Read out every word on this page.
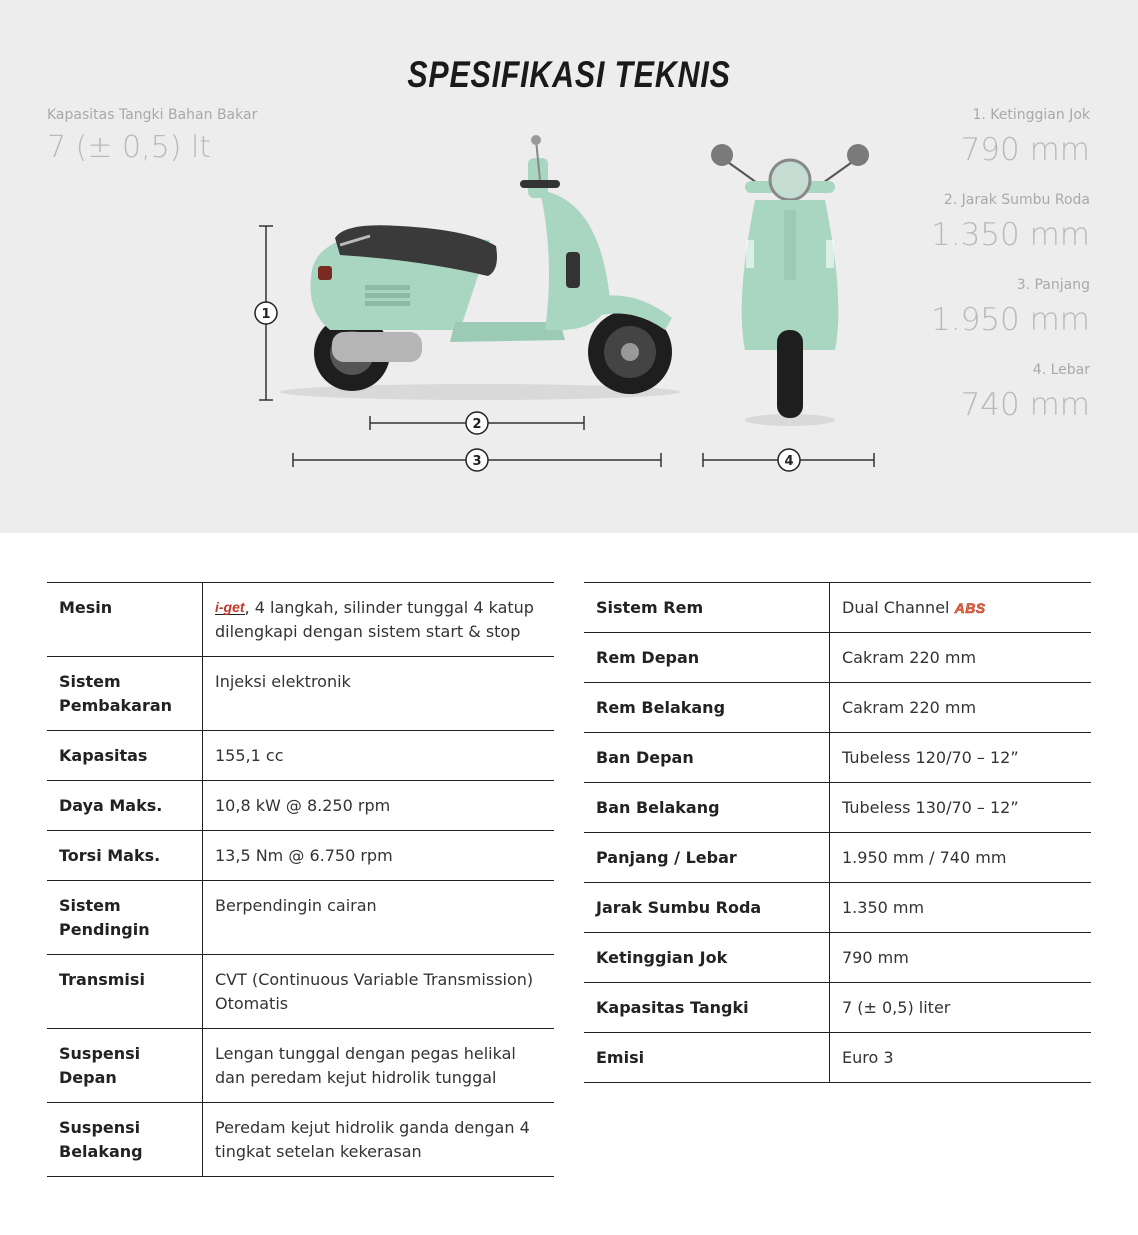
SPESIFIKASI TEKNIS
Kapasitas Tangki Bahan Bakar
7 (± 0,5) lt
1. Ketinggian Jok
790 mm
2. Jarak Sumbu Roda
1.350 mm
3. Panjang
1.950 mm
4. Lebar
740 mm
1
2
3	4
Mesin	i-get, 4 langkah, silinder tunggal 4 katup dilengkapi dengan sistem start & stop
Sistem Pembakaran	Injeksi elektronik
Kapasitas	155,1 cc
Daya Maks.	10,8 kW @ 8.250 rpm
Torsi Maks.	13,5 Nm @ 6.750 rpm
Sistem Pendingin	Berpendingin cairan
Transmisi	CVT (Continuous Variable Transmission) Otomatis
Suspensi Depan	Lengan tunggal dengan pegas helikal dan peredam kejut hidrolik tunggal
Suspensi Belakang	Peredam kejut hidrolik ganda dengan 4 tingkat setelan kekerasan
Sistem Rem	Dual Channel ABS
Rem Depan	Cakram 220 mm
Rem Belakang	Cakram 220 mm
Ban Depan	Tubeless 120/70 – 12”
Ban Belakang	Tubeless 130/70 – 12”
Panjang / Lebar	1.950 mm / 740 mm
Jarak Sumbu Roda	1.350 mm
Ketinggian Jok	790 mm
Kapasitas Tangki	7 (± 0,5) liter
Emisi	Euro 3
